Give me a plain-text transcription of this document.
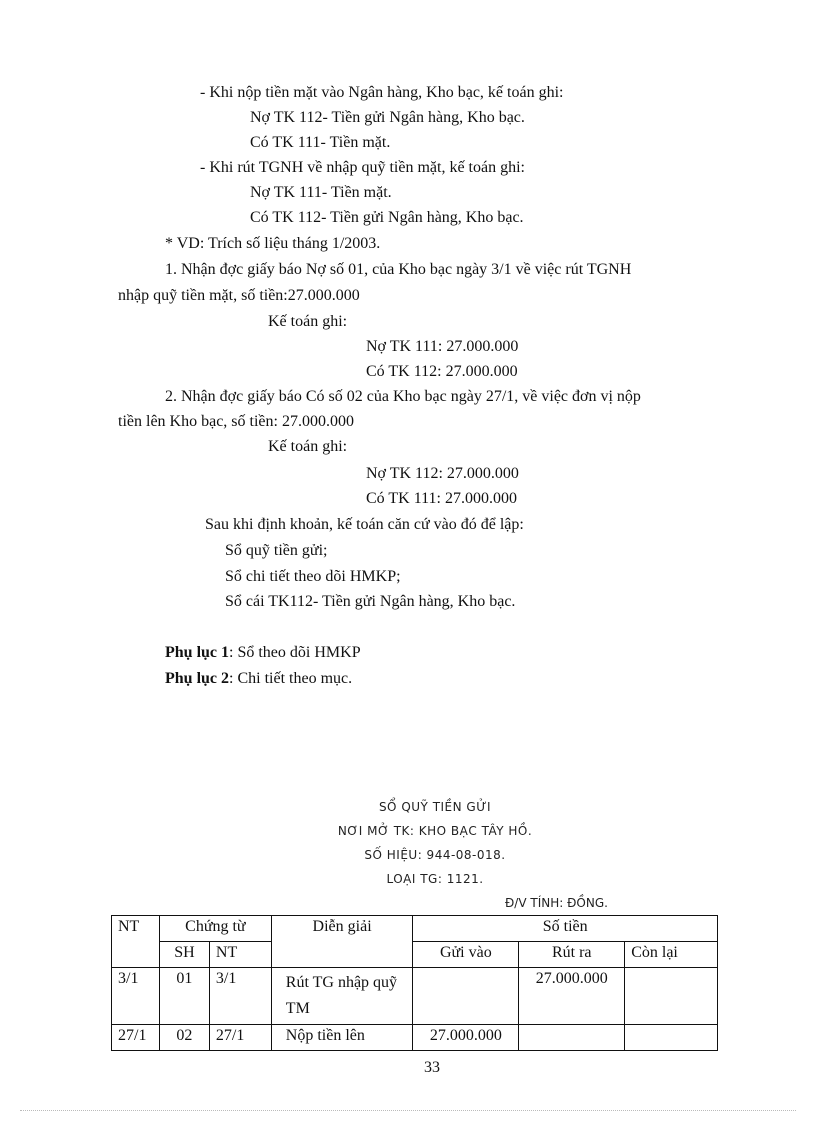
- Khi nộp tiền mặt vào Ngân hàng, Kho bạc, kế toán ghi:
Nợ TK 112- Tiền gửi Ngân hàng, Kho bạc.
Có TK 111- Tiền mặt.
- Khi rút TGNH về nhập quỹ tiền mặt, kế toán ghi:
Nợ TK 111- Tiền mặt.
Có TK 112- Tiền gửi Ngân hàng, Kho bạc.
* VD: Trích số liệu tháng 1/2003.
1. Nhận đợc giấy báo Nợ số 01, của Kho bạc ngày 3/1 về việc rút TGNH
nhập quỹ tiền mặt, số tiền:27.000.000
Kế toán ghi:
Nợ TK 111: 27.000.000
Có TK 112: 27.000.000
2. Nhận đợc giấy báo Có số 02 của Kho bạc ngày 27/1, về việc đơn vị nộp
tiền lên Kho bạc, số tiền: 27.000.000
Kế toán ghi:
Nợ TK 112: 27.000.000
Có TK 111: 27.000.000
Sau khi định khoản, kế toán căn cứ vào đó để lập:
Sổ quỹ tiền gửi;
Sổ chi tiết theo dõi HMKP;
Sổ cái TK112- Tiền gửi Ngân hàng, Kho bạc.
Phụ lục 1: Sổ theo dõi HMKP
Phụ lục 2: Chi tiết theo mục.
SỔ QUỸ TIỀN GỬI
NƠI MỞ TK: KHO BẠC TÂY HỒ.
SỐ HIỆU: 944-08-018.
LOẠI TG: 1121.
Đ/V TÍNH: ĐỒNG.
NT	Chứng từ		Diễn giải	Số tiền		
	SH	NT		Gửi vào	Rút ra	Còn lại
3/1	01	3/1	Rút TG nhập quỹ TM		27.000.000	
27/1	02	27/1	Nộp tiền lên	27.000.000		
33
